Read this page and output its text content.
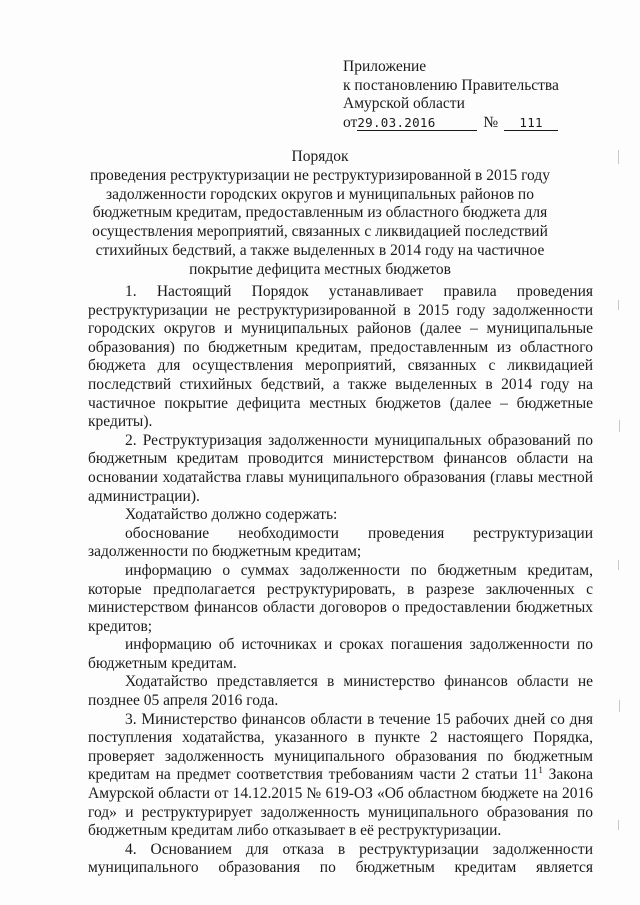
Приложение
к постановлению Правительства
Амурской области
от29.03.2016	№ 111
Порядок
проведения реструктуризации не реструктуризированной в 2015 году задолженности городских округов и муниципальных районов по бюджетным кредитам, предоставленным из областного бюджета для осуществления мероприятий, связанных с ликвидацией последствий стихийных бедствий, а также выделенных в 2014 году на частичное покрытие дефицита местных бюджетов

1. Настоящий Порядок устанавливает правила проведения реструктуризации не реструктуризированной в 2015 году задолженности городских округов и муниципальных районов (далее – муниципальные образования) по бюджетным кредитам, предоставленным из областного бюджета для осуществления мероприятий, связанных с ликвидацией последствий стихийных бедствий, а также выделенных в 2014 году на частичное покрытие дефицита местных бюджетов (далее – бюджетные кредиты).

2. Реструктуризация задолженности муниципальных образований по бюджетным кредитам проводится министерством финансов области на основании ходатайства главы муниципального образования (главы местной администрации).

Ходатайство должно содержать:

обоснование необходимости проведения реструктуризации задолженности по бюджетным кредитам;

информацию о суммах задолженности по бюджетным кредитам, которые предполагается реструктурировать, в разрезе заключенных с министерством финансов области договоров о предоставлении бюджетных кредитов;

информацию об источниках и сроках погашения задолженности по бюджетным кредитам.

Ходатайство представляется в министерство финансов области не позднее 05 апреля 2016 года.

3. Министерство финансов области в течение 15 рабочих дней со дня поступления ходатайства, указанного в пункте 2 настоящего Порядка, проверяет задолженность муниципального образования по бюджетным кредитам на предмет соответствия требованиям части 2 статьи $11^1$ Закона Амурской области от 14.12.2015 № 619-ОЗ «Об областном бюджете на 2016 год» и реструктурирует задолженность муниципального образования по бюджетным кредитам либо отказывает в её реструктуризации.

4. Основанием для отказа в реструктуризации задолженности
муниципального образования по бюджетным кредитам является
